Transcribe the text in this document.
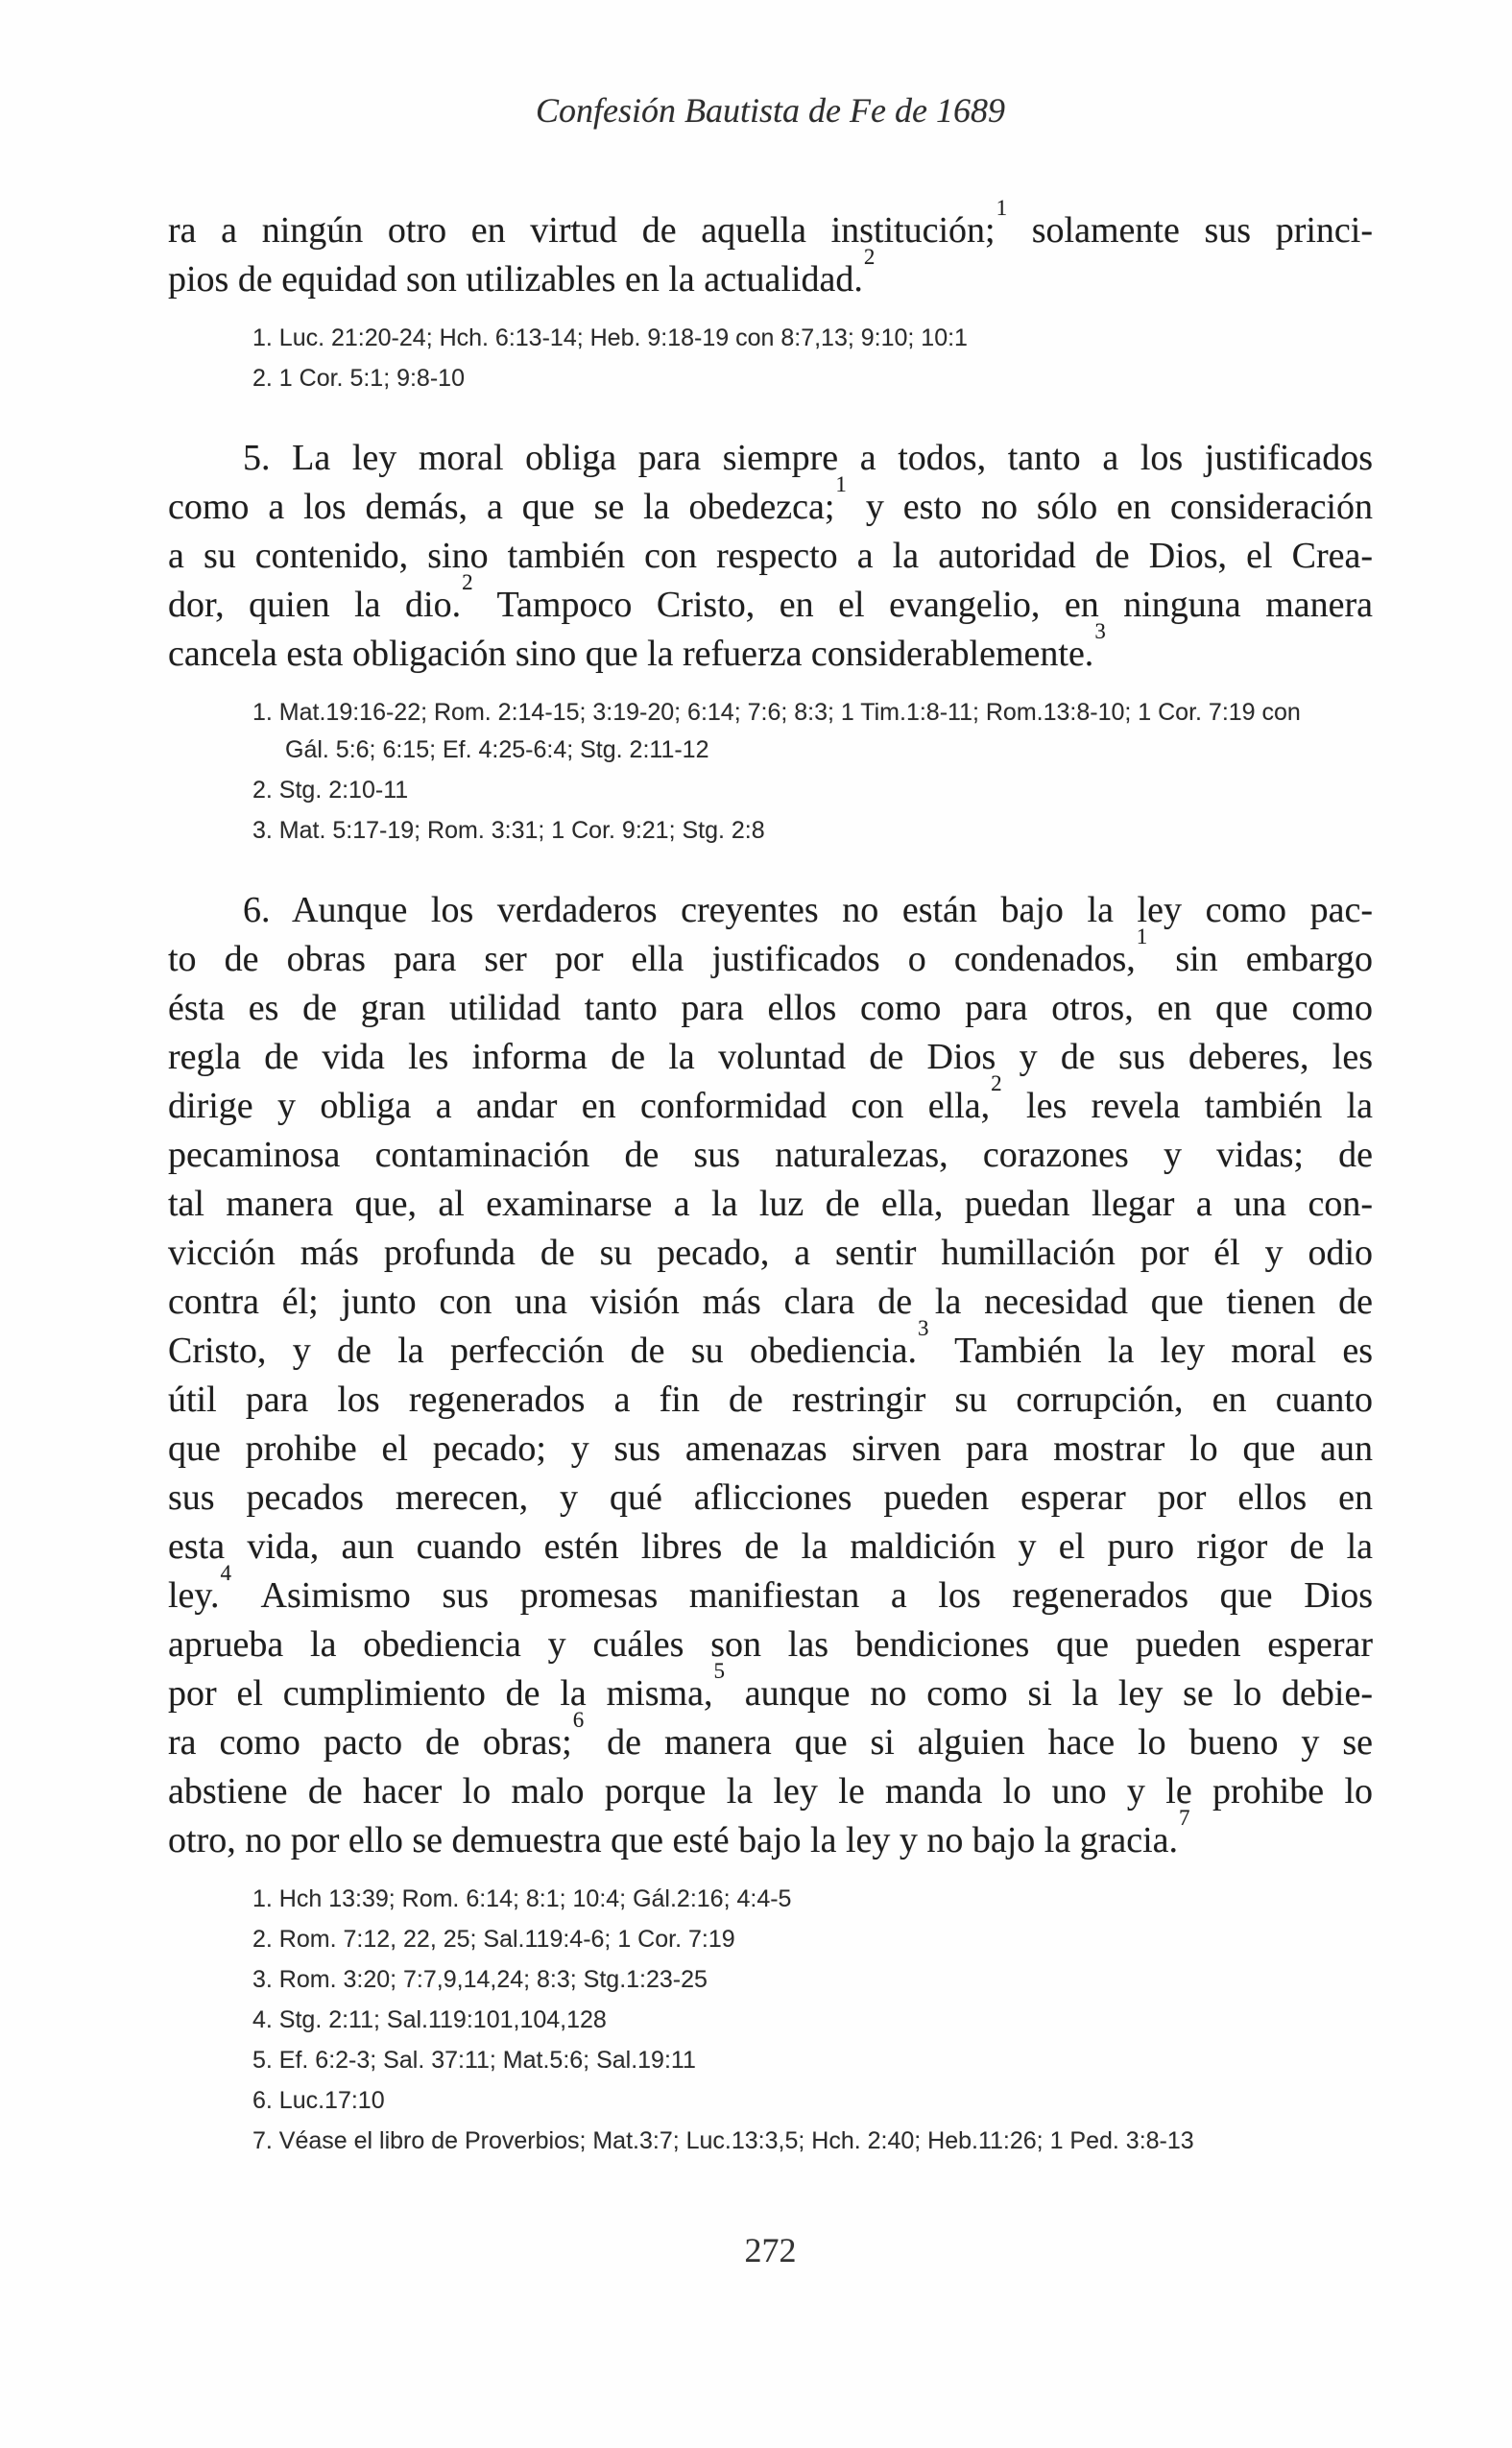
Confesión Bautista de Fe de 1689

ra a ningún otro en virtud de aquella institución;$^1$ solamente sus princi-
pios de equidad son utilizables en la actualidad.$^2$

1. Luc. 21:20-24; Hch. 6:13-14; Heb. 9:18-19 con 8:7,13; 9:10; 10:1
2. 1 Cor. 5:1; 9:8-10

5. La ley moral obliga para siempre a todos, tanto a los justificados
como a los demás, a que se la obedezca;$^1$ y esto no sólo en consideración
a su contenido, sino también con respecto a la autoridad de Dios, el Crea-
dor, quien la dio.$^2$ Tampoco Cristo, en el evangelio, en ninguna manera
cancela esta obligación sino que la refuerza considerablemente.$^3$

1. Mat.19:16-22; Rom. 2:14-15; 3:19-20; 6:14; 7:6; 8:3; 1 Tim.1:8-11; Rom.13:8-10; 1 Cor. 7:19 con Gál. 5:6; 6:15; Ef. 4:25-6:4; Stg. 2:11-12
2. Stg. 2:10-11
3. Mat. 5:17-19; Rom. 3:31; 1 Cor. 9:21; Stg. 2:8

6. Aunque los verdaderos creyentes no están bajo la ley como pac-
to de obras para ser por ella justificados o condenados,$^1$ sin embargo
ésta es de gran utilidad tanto para ellos como para otros, en que como
regla de vida les informa de la voluntad de Dios y de sus deberes, les
dirige y obliga a andar en conformidad con ella,$^2$ les revela también la
pecaminosa contaminación de sus naturalezas, corazones y vidas; de
tal manera que, al examinarse a la luz de ella, puedan llegar a una con-
vicción más profunda de su pecado, a sentir humillación por él y odio
contra él; junto con una visión más clara de la necesidad que tienen de
Cristo, y de la perfección de su obediencia.$^3$ También la ley moral es
útil para los regenerados a fin de restringir su corrupción, en cuanto
que prohibe el pecado; y sus amenazas sirven para mostrar lo que aun
sus pecados merecen, y qué aflicciones pueden esperar por ellos en
esta vida, aun cuando estén libres de la maldición y el puro rigor de la
ley.$^4$ Asimismo sus promesas manifiestan a los regenerados que Dios
aprueba la obediencia y cuáles son las bendiciones que pueden esperar
por el cumplimiento de la misma,$^5$ aunque no como si la ley se lo debie-
ra como pacto de obras;$^6$ de manera que si alguien hace lo bueno y se
abstiene de hacer lo malo porque la ley le manda lo uno y le prohibe lo
otro, no por ello se demuestra que esté bajo la ley y no bajo la gracia.$^7$

1. Hch 13:39; Rom. 6:14; 8:1; 10:4; Gál.2:16; 4:4-5
2. Rom. 7:12, 22, 25; Sal.119:4-6; 1 Cor. 7:19
3. Rom. 3:20; 7:7,9,14,24; 8:3; Stg.1:23-25
4. Stg. 2:11; Sal.119:101,104,128
5. Ef. 6:2-3; Sal. 37:11; Mat.5:6; Sal.19:11
6. Luc.17:10
7. Véase el libro de Proverbios; Mat.3:7; Luc.13:3,5; Hch. 2:40; Heb.11:26; 1 Ped. 3:8-13
272
